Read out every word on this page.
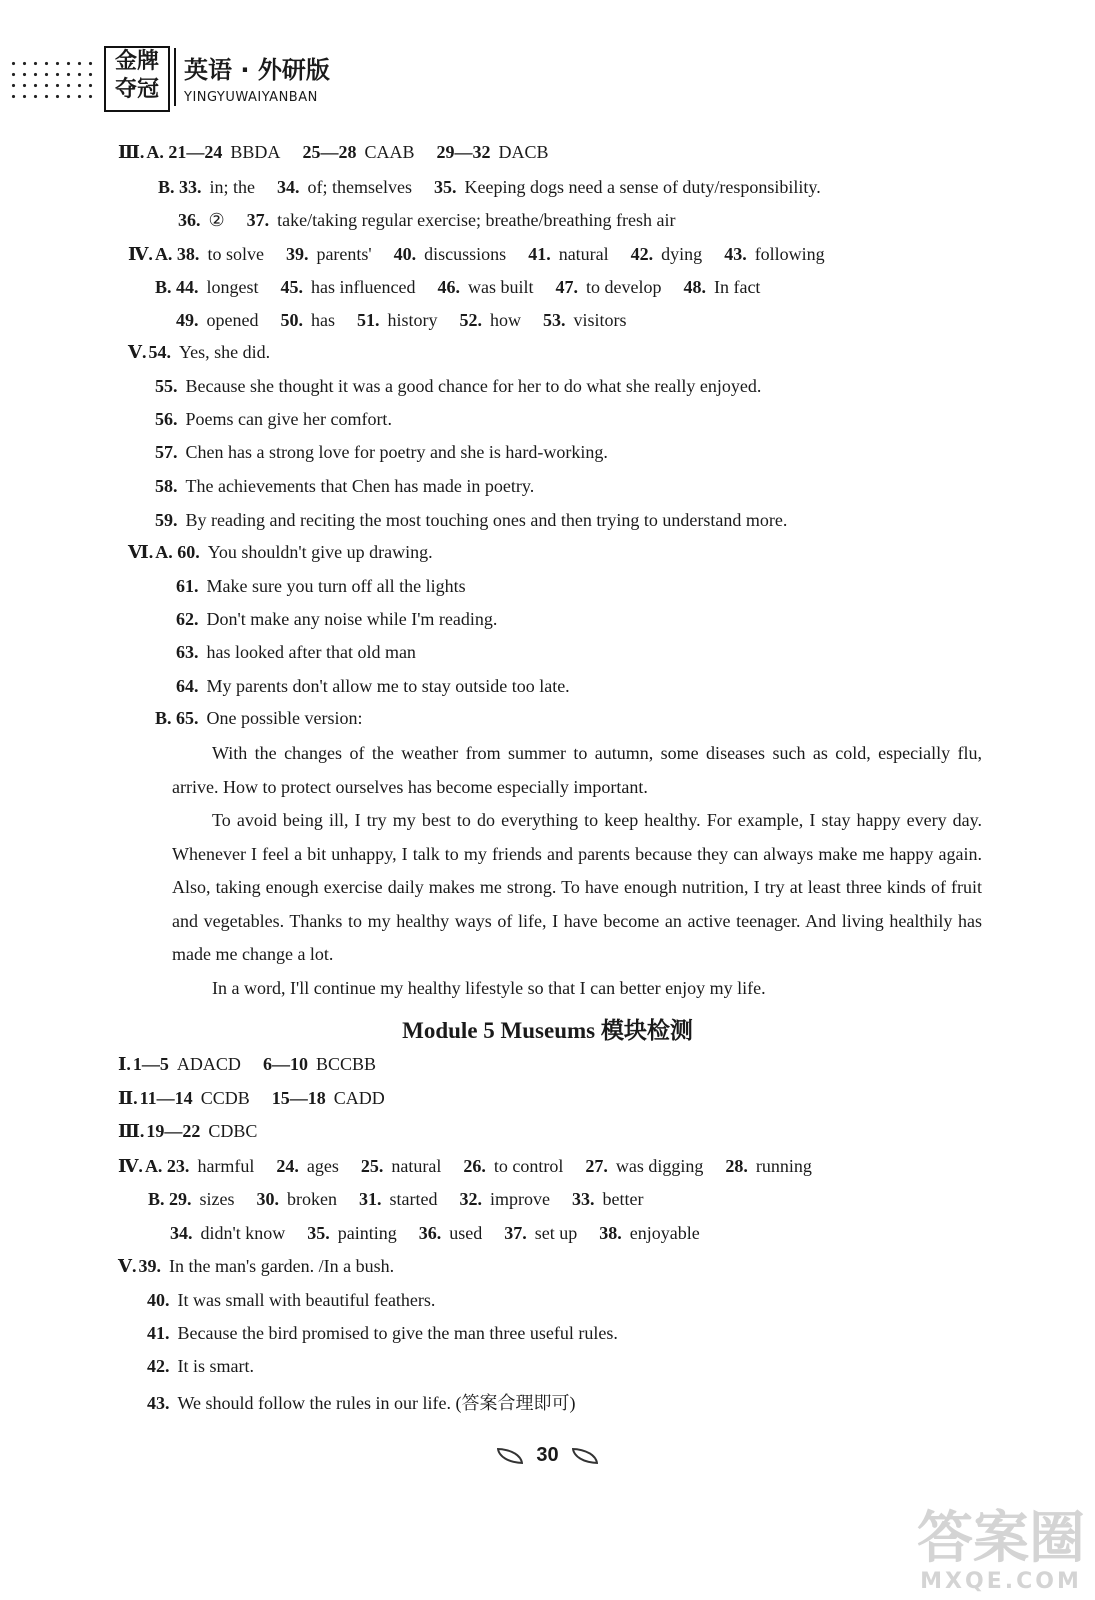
金牌
夺冠
英语 · 外研版
YINGYUWAIYANBAN
Ⅲ. A. 21—24 BBDA 25—28 CAAB 29—32 DACB
B. 33. in; the 34. of; themselves 35. Keeping dogs need a sense of duty/responsibility.
36. ② 37. take/taking regular exercise; breathe/breathing fresh air
Ⅳ. A. 38. to solve 39. parents' 40. discussions 41. natural 42. dying 43. following
B. 44. longest 45. has influenced 46. was built 47. to develop 48. In fact
49. opened 50. has 51. history 52. how 53. visitors
Ⅴ. 54. Yes, she did.
55. Because she thought it was a good chance for her to do what she really enjoyed.
56. Poems can give her comfort.
57. Chen has a strong love for poetry and she is hard-working.
58. The achievements that Chen has made in poetry.
59. By reading and reciting the most touching ones and then trying to understand more.
Ⅵ. A. 60. You shouldn't give up drawing.
61. Make sure you turn off all the lights
62. Don't make any noise while I'm reading.
63. has looked after that old man
64. My parents don't allow me to stay outside too late.
B. 65. One possible version:
Ⅰ. 1—5 ADACD 6—10 BCCBB
Ⅱ. 11—14 CCDB 15—18 CADD
Ⅲ. 19—22 CDBC
Ⅳ. A. 23. harmful 24. ages 25. natural 26. to control 27. was digging 28. running
B. 29. sizes 30. broken 31. started 32. improve 33. better
34. didn't know 35. painting 36. used 37. set up 38. enjoyable
Ⅴ. 39. In the man's garden. /In a bush.
40. It was small with beautiful feathers.
41. Because the bird promised to give the man three useful rules.
42. It is smart.
43. We should follow the rules in our life. (答案合理即可)

With the changes of the weather from summer to autumn, some diseases such as cold, especially flu, arrive. How to protect ourselves has become especially important.

To avoid being ill, I try my best to do everything to keep healthy. For example, I stay happy every day. Whenever I feel a bit unhappy, I talk to my friends and parents because they can always make me happy again. Also, taking enough exercise daily makes me strong. To have enough nutrition, I try at least three kinds of fruit and vegetables. Thanks to my healthy ways of life, I have become an active teenager. And living healthily has made me change a lot.

In a word, I'll continue my healthy lifestyle so that I can better enjoy my life.

Module 5 Museums 模块检测
30
答案圈
MXQE.COM
